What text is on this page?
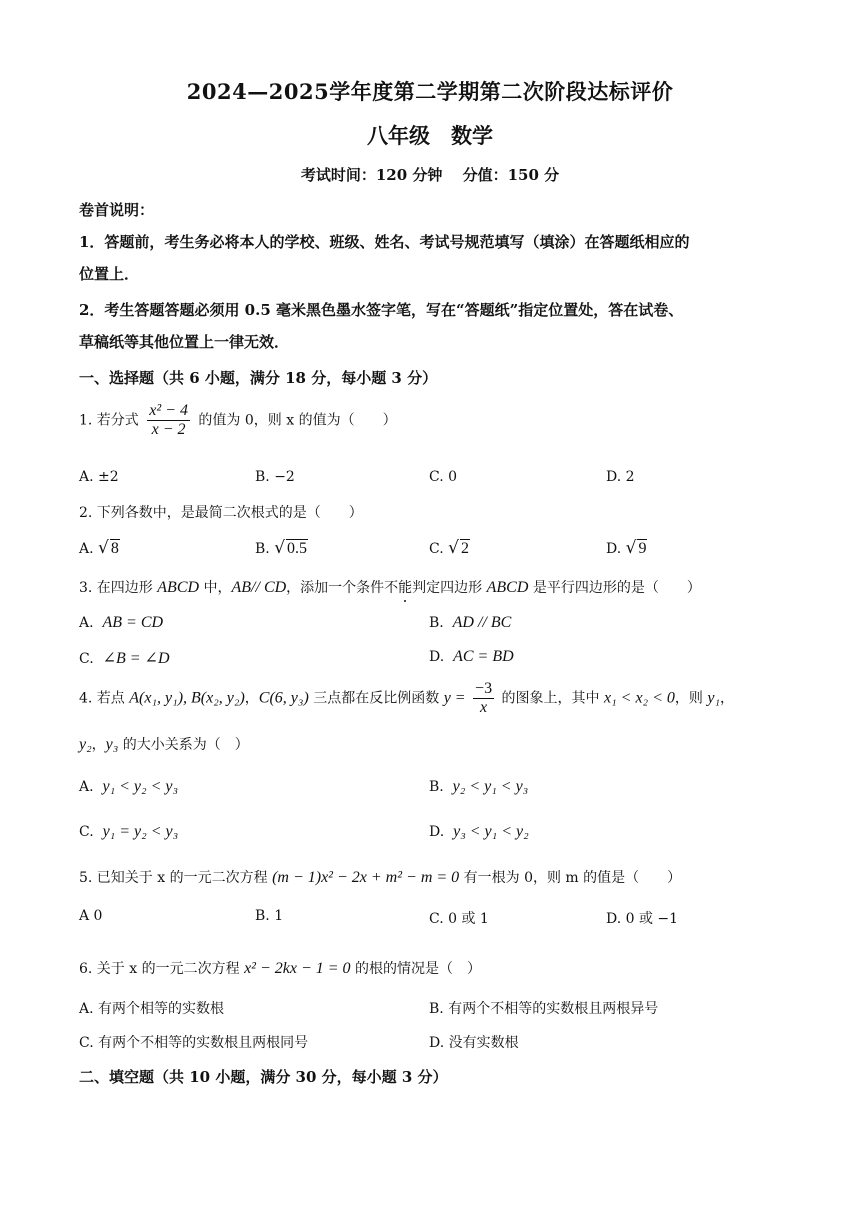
2024—2025学年度第二学期第二次阶段达标评价
八年级　数学
考试时间：120 分钟　 分值：150 分
卷首说明：
1．答题前，考生务必将本人的学校、班级、姓名、考试号规范填写（填涂）在答题纸相应的
位置上．
2．考生答题答题必须用 0.5 毫米黑色墨水签字笔，写在“答题纸”指定位置处，答在试卷、
草稿纸等其他位置上一律无效．
一、选择题（共 6 小题，满分 18 分，每小题 3 分）
1. 若分式 $\frac{\text{x² − 4}}{x - 2}$ 的值为 0，则 x 的值为（　　）
A. ±2	B. −2	C. 0	D. 2
2. 下列各数中，是最简二次根式的是（　　）
A. √ 8	B. √ 0.5	C. √ 2	D. √ 9
3. 在四边形 ABCD 中，AB// CD，添加一个条件不能判定四边形 ABCD 是平行四边形的是（　　）
A. AB = CD	B. AD // BC
C. ∠B = ∠D	D. AC = BD
4. 若点 A(x₁, y₁), B(x₂, y₂)，C(6, y₃) 三点都在反比例函数 $y = \frac{-3}{x}$ 的图象上，其中 x₁ < x₂ < 0，则 y₁，
y₂，y₃ 的大小关系为（　）
A. y₁ < y₂ < y₃	B. y₂ < y₁ < y₃
C. y₁ = y₂ < y₃	D. y₃ < y₁ < y₂
5. 已知关于 x 的一元二次方程 (m − 1)x² − 2x + m² − m = 0 有一根为 0，则 m 的值是（　　）
A 0	B. 1	C. 0 或 1	D. 0 或 −1
6. 关于 x 的一元二次方程 x² − 2kx − 1 = 0 的根的情况是（　）
A. 有两个相等的实数根	B. 有两个不相等的实数根且两根异号
C. 有两个不相等的实数根且两根同号	D. 没有实数根
二、填空题（共 10 小题，满分 30 分，每小题 3 分）
